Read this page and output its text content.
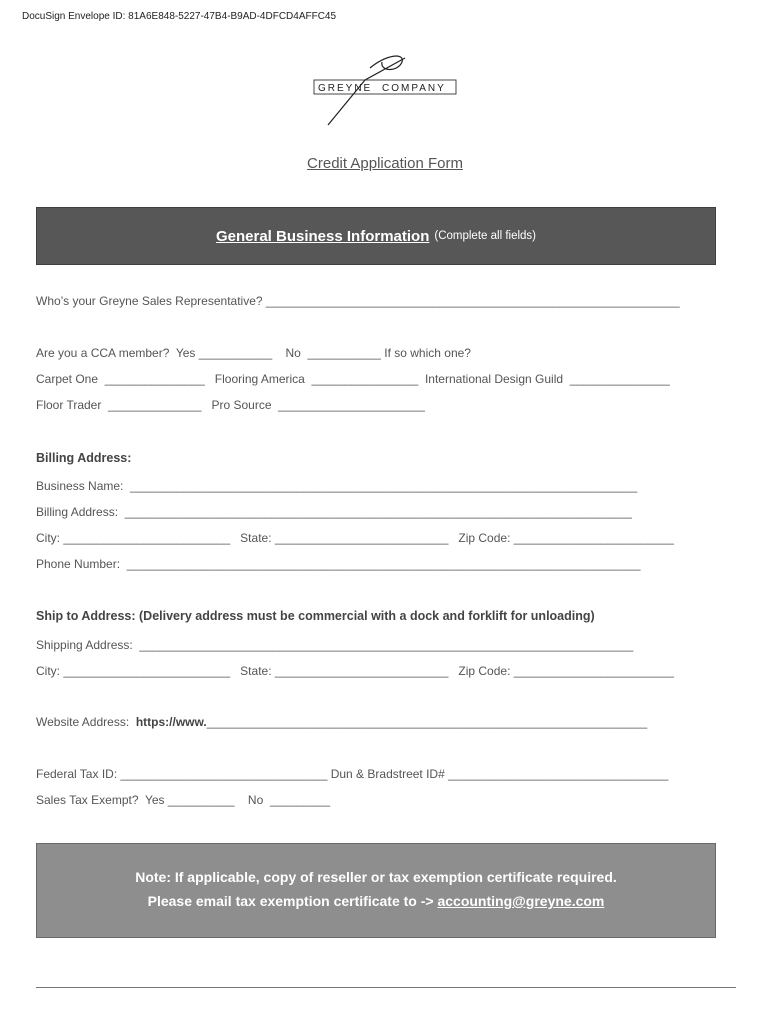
DocuSign Envelope ID: 81A6E848-5227-47B4-B9AD-4DFCD4AFFC45
GREYNE COMPANY
Credit Application Form
General Business Information (Complete all fields)
Who’s your Greyne Sales Representative? ______________________________________________________________
Are you a CCA member?  Yes ___________    No  ___________ If so which one?
Carpet One  _______________   Flooring America  ________________  International Design Guild  _______________
Floor Trader  ______________   Pro Source  ______________________
Billing Address:
Business Name:  ____________________________________________________________________________
Billing Address:  ____________________________________________________________________________
City: _________________________   State: __________________________   Zip Code: ________________________
Phone Number:  _____________________________________________________________________________
Ship to Address: (Delivery address must be commercial with a dock and forklift for unloading)
Shipping Address:  __________________________________________________________________________
City: _________________________   State: __________________________   Zip Code: ________________________
Website Address:  https://www.__________________________________________________________________
Federal Tax ID: _______________________________ Dun & Bradstreet ID# _________________________________
Sales Tax Exempt?  Yes __________    No  _________
Note: If applicable, copy of reseller or tax exemption certificate required.
Please email tax exemption certificate to -> accounting@greyne.com
